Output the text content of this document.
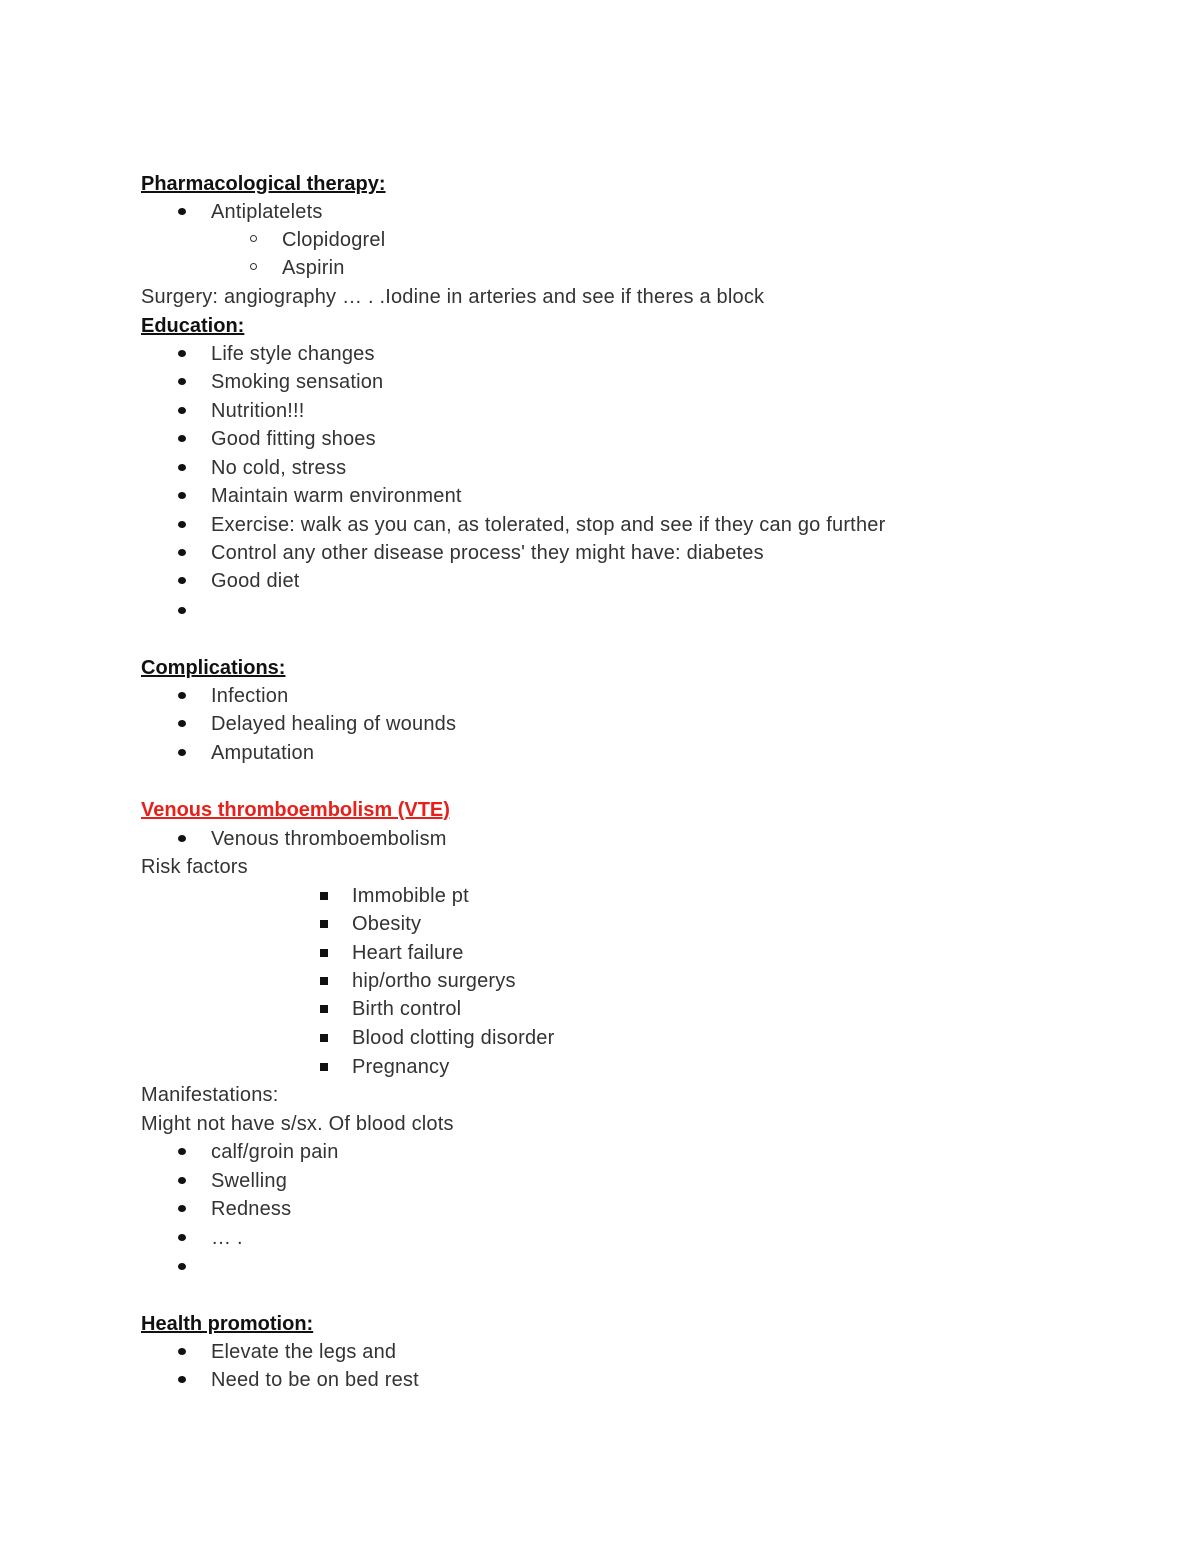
Pharmacological therapy:
Antiplatelets
Clopidogrel
Aspirin
Surgery: angiography … . .Iodine in arteries and see if theres a block
Education:
Life style changes
Smoking sensation
Nutrition!!!
Good fitting shoes
No cold, stress
Maintain warm environment
Exercise: walk as you can, as tolerated, stop and see if they can go further
Control any other disease process' they might have: diabetes
Good diet
Complications:
Infection
Delayed healing of wounds
Amputation
Venous thromboembolism (VTE)
Venous thromboembolism
Risk factors
Immobible pt
Obesity
Heart failure
hip/ortho surgerys
Birth control
Blood clotting disorder
Pregnancy
Manifestations:
Might not have s/sx. Of blood clots
calf/groin pain
Swelling
Redness
… .
Health promotion:
Elevate the legs and
Need to be on bed rest
